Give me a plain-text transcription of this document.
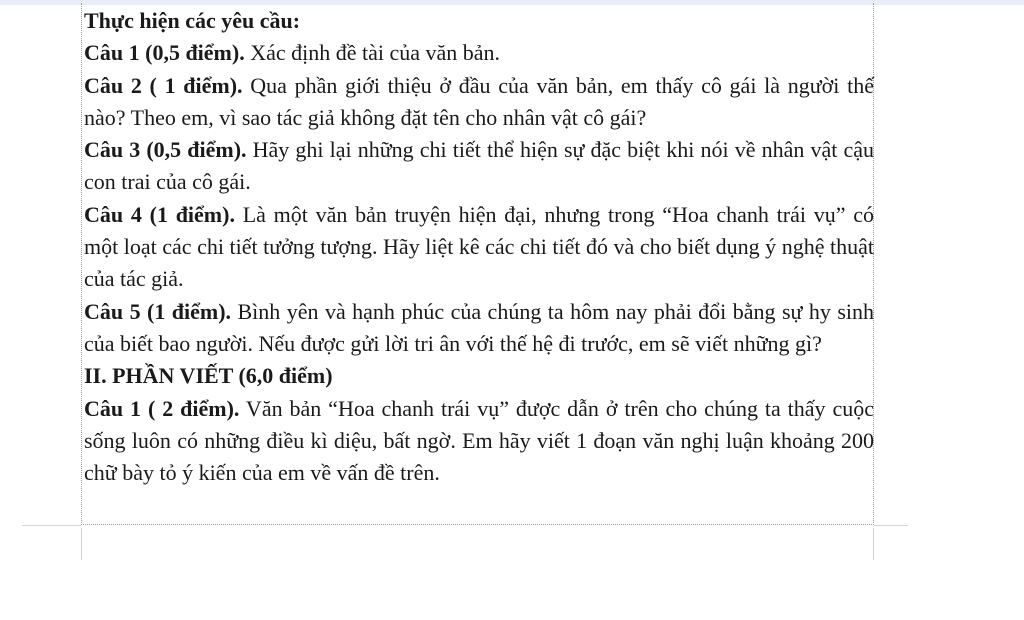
Thực hiện các yêu cầu:

Câu 1 (0,5 điểm). Xác định đề tài của văn bản.

Câu 2 ( 1 điểm). Qua phần giới thiệu ở đầu của văn bản, em thấy cô gái là người thế nào? Theo em, vì sao tác giả không đặt tên cho nhân vật cô gái?

Câu 3 (0,5 điểm). Hãy ghi lại những chi tiết thể hiện sự đặc biệt khi nói về nhân vật cậu con trai của cô gái.

Câu 4 (1 điểm). Là một văn bản truyện hiện đại, nhưng trong “Hoa chanh trái vụ” có một loạt các chi tiết tưởng tượng. Hãy liệt kê các chi tiết đó và cho biết dụng ý nghệ thuật của tác giả.

Câu 5 (1 điểm). Bình yên và hạnh phúc của chúng ta hôm nay phải đổi bằng sự hy sinh của biết bao người. Nếu được gửi lời tri ân với thế hệ đi trước, em sẽ viết những gì?

II. PHẦN VIẾT (6,0 điểm)

Câu 1 ( 2 điểm). Văn bản “Hoa chanh trái vụ” được dẫn ở trên cho chúng ta thấy cuộc sống luôn có những điều kì diệu, bất ngờ. Em hãy viết 1 đoạn văn nghị luận khoảng 200 chữ bày tỏ ý kiến của em về vấn đề trên.
